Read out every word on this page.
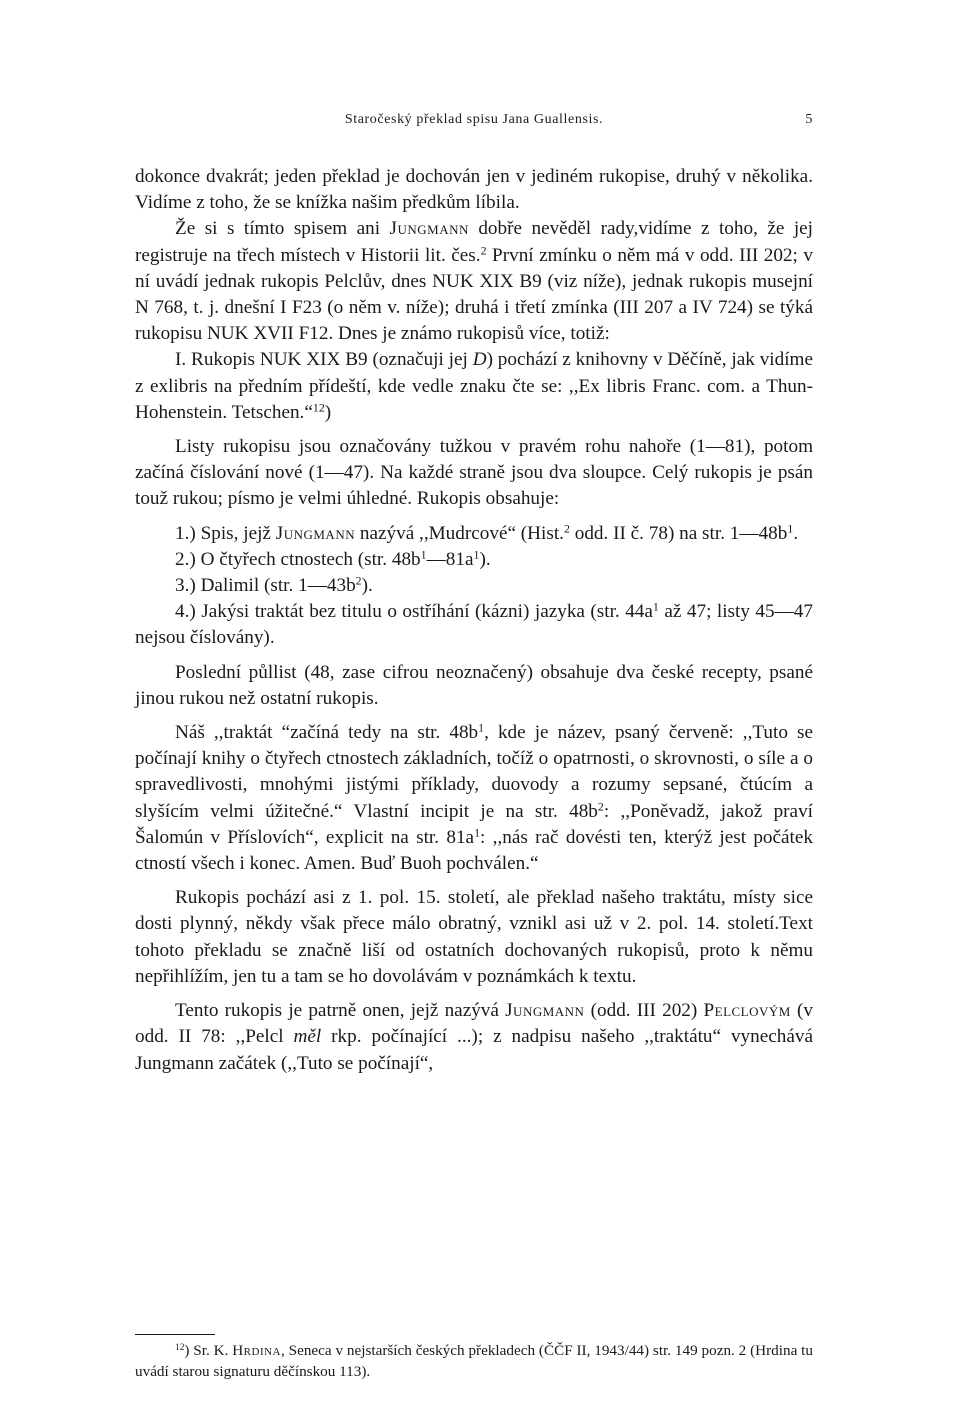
Staročeský překlad spisu Jana Guallensis.	5

dokonce dvakrát; jeden překlad je dochován jen v jediném rukopise, druhý v několika. Vidíme z toho, že se knížka našim předkům líbila.

Že si s tímto spisem ani Jungmann dobře nevěděl rady,vidíme z toho, že jej registruje na třech místech v Historii lit. čes.$^2$ První zmínku o něm má v odd. III 202; v ní uvádí jednak rukopis Pelclův, dnes NUK XIX B9 (viz níže), jednak rukopis musejní N 768, t. j. dnešní I F23 (o něm v. níže); druhá i třetí zmínka (III 207 a IV 724) se týká rukopisu NUK XVII F12. Dnes je známo rukopisů více, totiž:

I. Rukopis NUK XIX B9 (označuji jej D) pochází z knihovny v Děčíně, jak vidíme z exlibris na předním přídeští, kde vedle znaku čte se: ,,Ex libris Franc. com. a Thun-Hohenstein. Tetschen.“$^{12}$)

Listy rukopisu jsou označovány tužkou v pravém rohu nahoře (1—81), potom začíná číslování nové (1—47). Na každé straně jsou dva sloupce. Celý rukopis je psán touž rukou; písmo je velmi úhledné. Rukopis obsahuje:

1.) Spis, jejž Jungmann nazývá ,,Mudrcové“ (Hist.$^2$ odd. II č. 78) na str. $1—48b^1$.

2.) O čtyřech ctnostech (str. $48b^1—81a^1$).

3.) Dalimil (str. $1—43b^2$).

4.) Jakýsi traktát bez titulu o ostříhání (kázni) jazyka (str. $44a^1$ až 47; listy 45—47 nejsou číslovány).

Poslední půllist (48, zase cifrou neoznačený) obsahuje dva české recepty, psané jinou rukou než ostatní rukopis.

Náš ,,traktát “začíná tedy na str. $48b^1$, kde je název, psaný červeně: ,,Tuto se počínají knihy o čtyřech ctnostech základních, točíž o opatrnosti, o skrovnosti, o síle a o spravedlivosti, mnohými jistými příklady, duovody a rozumy sepsané, čtúcím a slyšícím velmi úžitečné.“ Vlastní incipit je na str. $48b^2$: ,,Poněvadž, jakož praví Šalomún v Příslovích“, explicit na str. $81a^1$: ,,nás rač dovésti ten, kterýž jest počátek ctností všech i konec. Amen. Buď Buoh pochválen.“

Rukopis pochází asi z 1. pol. 15. století, ale překlad našeho traktátu, místy sice dosti plynný, někdy však přece málo obratný, vznikl asi už v 2. pol. 14. století.Text tohoto překladu se značně liší od ostatních dochovaných rukopisů, proto k němu nepřihlížím, jen tu a tam se ho dovolávám v poznámkách k textu.

Tento rukopis je patrně onen, jejž nazývá Jungmann (odd. III 202) Pelclovým (v odd. II 78: ,,Pelcl měl rkp. počínající ...); z nadpisu našeho ,,traktátu“ vynechává Jungmann začátek (,,Tuto se počínají“,

$^{12}$) Sr. K. Hrdina, Seneca v nejstarších českých překladech (ČČF II, 1943/44) str. 149 pozn. 2 (Hrdina tu uvádí starou signaturu děčínskou 113).
